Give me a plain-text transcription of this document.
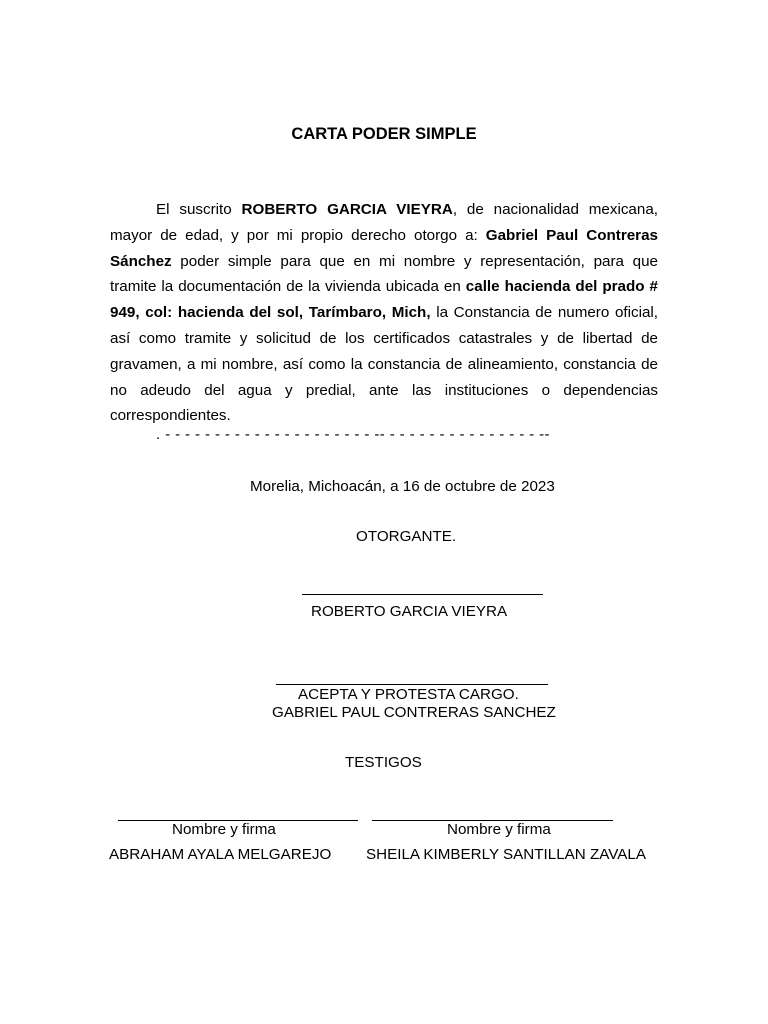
CARTA PODER SIMPLE

El suscrito ROBERTO GARCIA VIEYRA, de nacionalidad mexicana, mayor de edad, y por mi propio derecho otorgo a: Gabriel Paul Contreras Sánchez poder simple para que en mi nombre y representación, para que tramite la documentación de la vivienda ubicada en calle hacienda del prado # 949, col: hacienda del sol, Tarímbaro, Mich, la Constancia de numero oficial, así como tramite y solicitud de los certificados catastrales y de libertad de gravamen, a mi nombre, así como la constancia de alineamiento, constancia de no adeudo del agua y predial, ante las instituciones o dependencias correspondientes.

. - - - - - - - - - - - - - - - - - - - - - -- - - - - - - - - - - - - - - - --
Morelia, Michoacán, a 16 de octubre de 2023
OTORGANTE.
ROBERTO GARCIA VIEYRA
ACEPTA Y PROTESTA CARGO.
GABRIEL PAUL CONTRERAS SANCHEZ
TESTIGOS
Nombre y firma	Nombre y firma
ABRAHAM AYALA MELGAREJO SHEILA KIMBERLY SANTILLAN ZAVALA
